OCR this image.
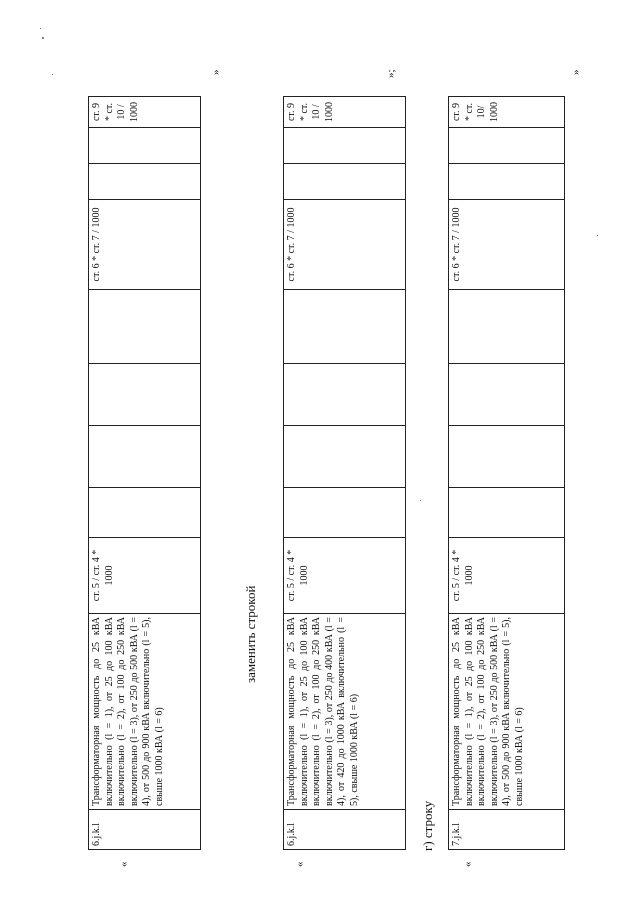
«
6.j.k.l	Трансформаторная мощность до 25 кВА включительно (l = 1), от 25 до 100 кВА включительно (l = 2), от 100 до 250 кВА включительно (l = 3), от 250 до 500 кВА (l = 4), от 500 до 900 кВА включительно (l = 5), свыше 1000 кВА (l = 6)	ст. 5 / ст. 4 * 1000					ст. 6 * ст. 7 / 1000			ст. 9 * ст. 10 / 1000
»
заменить строкой
«
6.j.k.l	Трансформаторная мощность до 25 кВА включительно (l = 1), от 25 до 100 кВА включительно (l = 2), от 100 до 250 кВА включительно (l = 3), от 250 до 400 кВА (l = 4), от 420 до 1000 кВА включительно (l = 5), свыше 1000 кВА (l = 6)	ст. 5 / ст. 4 * 1000					ст. 6 * ст. 7 / 1000			ст. 9 * ст. 10 / 1000
»;
г) строку
«
7.j.k.l	Трансформаторная мощность до 25 кВА включительно (l = 1), от 25 до 100 кВА включительно (l = 2), от 100 до 250 кВА включительно (l = 3), от 250 до 500 кВА (l = 4), от 500 до 900 кВА включительно (l = 5), свыше 1000 кВА (l = 6)	ст. 5 / ст. 4 * 1000					ст. 6 * ст. 7 / 1000			ст. 9 * ст. 10/ 1000
»
